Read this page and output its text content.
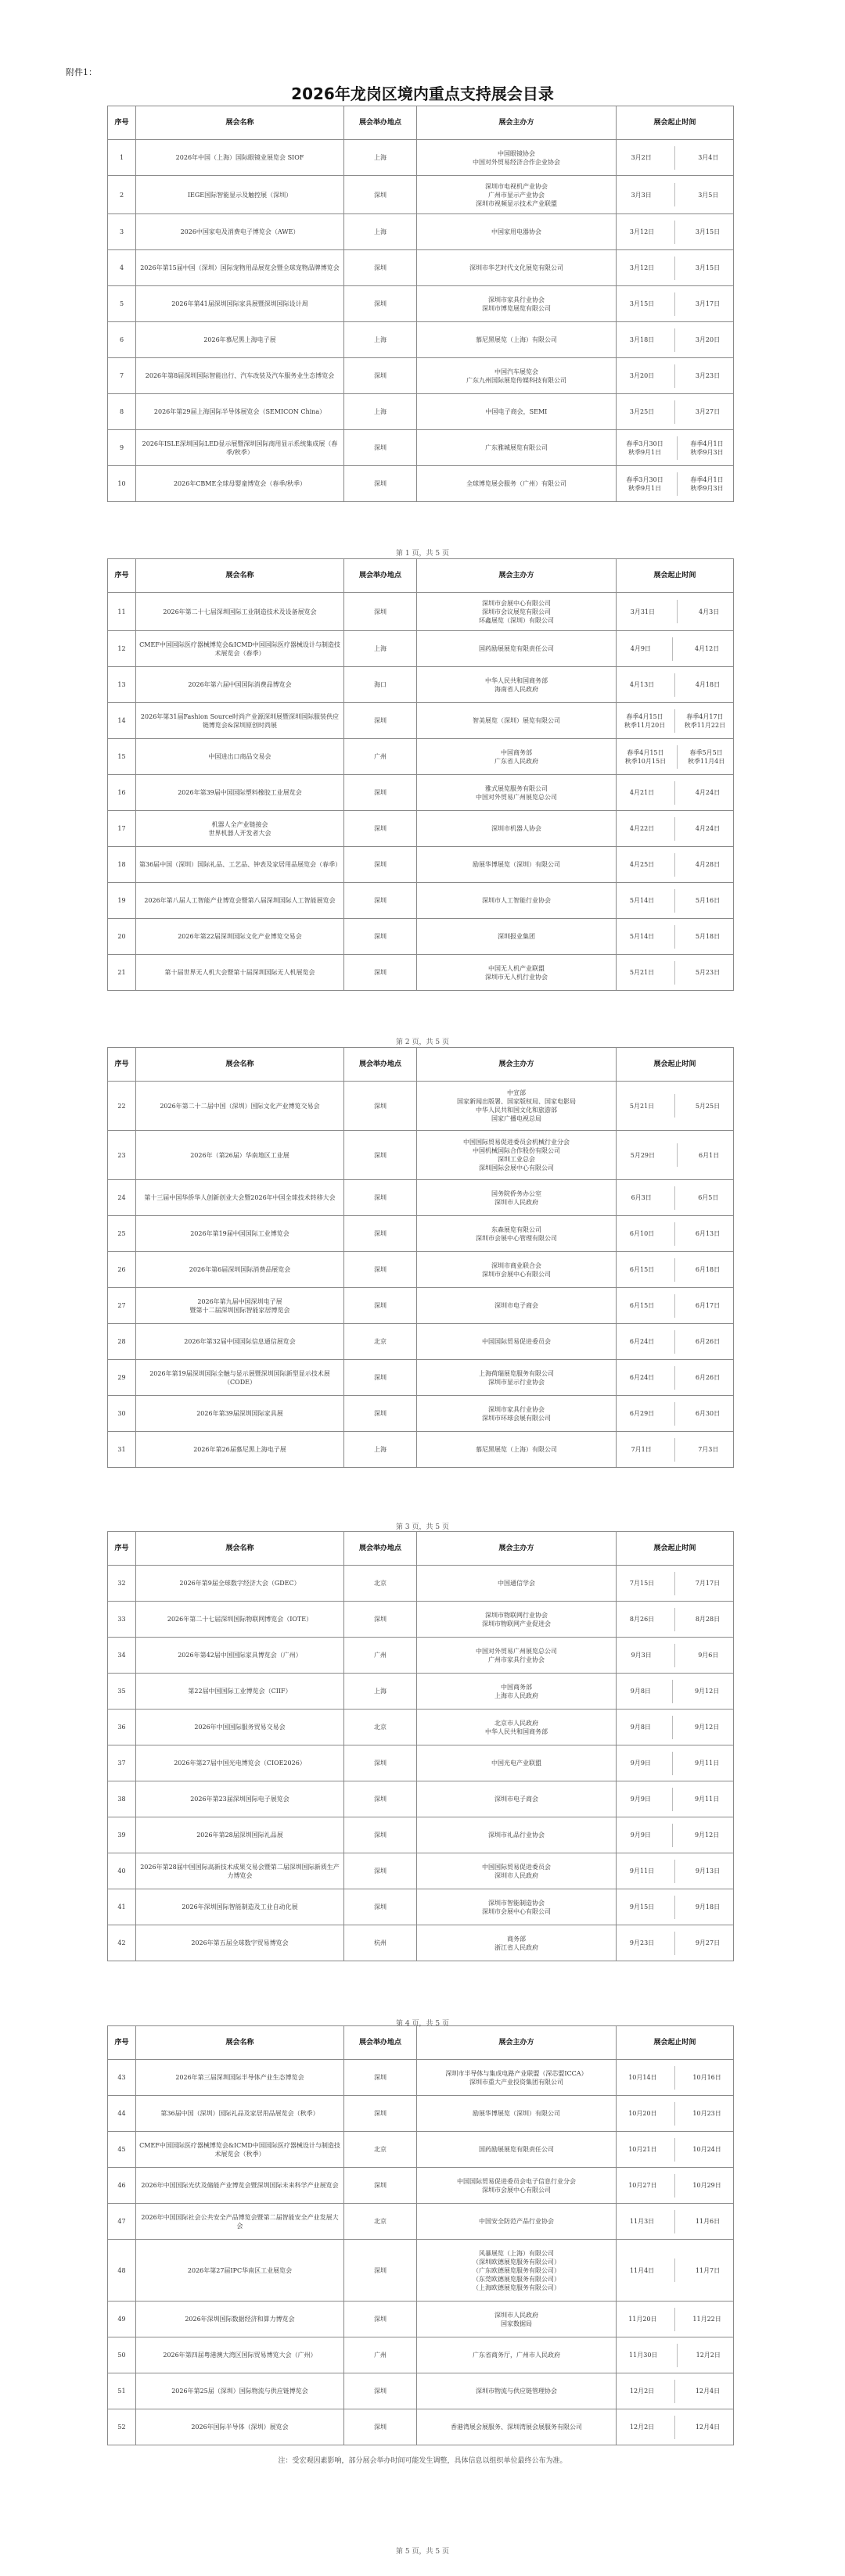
附件1：
2026年龙岗区境内重点支持展会目录
序号	展会名称	展会举办地点	展会主办方	展会起止时间
1	2026年中国（上海）国际眼镜业展览会 SIOF	上海	中国眼镜协会
中国对外贸易经济合作企业协会	3月2日 3月4日

2	IEGE国际智能显示及触控展（深圳）	深圳	深圳市电视机产业协会
广州市显示产业协会
深圳市视频显示技术产业联盟	3月3日 3月5日

3	2026中国家电及消费电子博览会（AWE）	上海	中国家用电器协会	3月12日 3月15日

4	2026年第15届中国（深圳）国际宠物用品展览会暨全球宠物品牌博览会	深圳	深圳市华艺时代文化展览有限公司	3月12日 3月15日

5	2026年第41届深圳国际家具展暨深圳国际设计周	深圳	深圳市家具行业协会
深圳市博览展览有限公司	3月15日 3月17日

6	2026年慕尼黑上海电子展	上海	慕尼黑展览（上海）有限公司	3月18日 3月20日

7	2026年第8届深圳国际智能出行、汽车改装及汽车服务业生态博览会	深圳	中国汽车展览会
广东九州国际展览传媒科技有限公司	3月20日 3月23日

8	2026年第29届上海国际半导体展览会（SEMICON China）	上海	中国电子商会，SEMI	3月25日 3月27日

9	2026年ISLE深圳国际LED显示展暨深圳国际商用显示系统集成展（春季/秋季）	深圳	广东雅城展览有限公司	春季3月30日
秋季9月1日
春季4月1日
秋季9月3日

10	2026年CBME全球母婴童博览会（春季/秋季）	深圳	全球博览展会服务（广州）有限公司	春季3月30日
秋季9月1日
春季4月1日
秋季9月3日
第 1 页，共 5 页
序号	展会名称	展会举办地点	展会主办方	展会起止时间
11	2026年第二十七届深圳国际工业制造技术及设备展览会	深圳	深圳市会展中心有限公司
深圳市会议展览有限公司
环鑫展览（深圳）有限公司	3月31日 4月3日

12	CMEF中国国际医疗器械博览会&ICMD中国国际医疗器械设计与制造技术展览会（春季）	上海	国药励展展览有限责任公司	4月9日 4月12日

13	2026年第六届中国国际消费品博览会	海口	中华人民共和国商务部
海南省人民政府	4月13日 4月18日

14	2026年第31届Fashion Source时尚产业源深圳展暨深圳国际服装供应链博览会&深圳原创时尚展	深圳	智美展览（深圳）展览有限公司	春季4月15日
秋季11月20日
春季4月17日
秋季11月22日

15	中国进出口商品交易会	广州	中国商务部
广东省人民政府	春季4月15日
秋季10月15日
春季5月5日
秋季11月4日

16	2026年第39届中国国际塑料橡胶工业展览会	深圳	雅式展览服务有限公司
中国对外贸易广州展览总公司	4月21日 4月24日

17	机器人全产业链接会
世界机器人开发者大会	深圳	深圳市机器人协会	4月22日 4月24日

18	第36届中国（深圳）国际礼品、工艺品、钟表及家居用品展览会（春季）	深圳	励展华博展览（深圳）有限公司	4月25日 4月28日

19	2026年第八届人工智能产业博览会暨第八届深圳国际人工智能展览会	深圳	深圳市人工智能行业协会	5月14日 5月16日

20	2026年第22届深圳国际文化产业博览交易会	深圳	深圳报业集团	5月14日 5月18日

21	第十届世界无人机大会暨第十届深圳国际无人机展览会	深圳	中国无人机产业联盟
深圳市无人机行业协会	5月21日 5月23日
第 2 页，共 5 页
序号	展会名称	展会举办地点	展会主办方	展会起止时间
22	2026年第二十二届中国（深圳）国际文化产业博览交易会	深圳	中宣部
国家新闻出版署、国家版权局、国家电影局
中华人民共和国文化和旅游部
国家广播电视总局	5月21日 5月25日

23	2026年（第26届）华南地区工业展	深圳	中国国际贸易促进委员会机械行业分会
中国机械国际合作股份有限公司
深圳工业总会
深圳国际会展中心有限公司	5月29日 6月1日

24	第十三届中国华侨华人创新创业大会暨2026年中国全球技术转移大会	深圳	国务院侨务办公室
深圳市人民政府	6月3日 6月5日

25	2026年第19届中国国际工业博览会	深圳	东森展览有限公司
深圳市会展中心管理有限公司	6月10日 6月13日

26	2026年第6届深圳国际消费品展览会	深圳	深圳市商业联合会
深圳市会展中心有限公司	6月15日 6月18日

27	2026年第九届中国深圳电子展
暨第十二届深圳国际智能家居博览会	深圳	深圳市电子商会	6月15日 6月17日

28	2026年第32届中国国际信息通信展览会	北京	中国国际贸易促进委员会	6月24日 6月26日

29	2026年第19届深圳国际全触与显示展暨深圳国际新型显示技术展（CODE）	深圳	上海荷瑞展览服务有限公司
深圳市显示行业协会	6月24日 6月26日

30	2026年第39届深圳国际家具展	深圳	深圳市家具行业协会
深圳市环球会展有限公司	6月29日 6月30日

31	2026年第26届慕尼黑上海电子展	上海	慕尼黑展览（上海）有限公司	7月1日 7月3日
第 3 页，共 5 页
序号	展会名称	展会举办地点	展会主办方	展会起止时间
32	2026年第9届全球数字经济大会（GDEC）	北京	中国通信学会	7月15日 7月17日

33	2026年第二十七届深圳国际物联网博览会（IOTE）	深圳	深圳市物联网行业协会
深圳市物联网产业促进会	8月26日 8月28日

34	2026年第42届中国国际家具博览会（广州）	广州	中国对外贸易广州展览总公司
广州市家具行业协会	9月3日 9月6日

35	第22届中国国际工业博览会（CIIF）	上海	中国商务部
上海市人民政府	9月8日 9月12日

36	2026年中国国际服务贸易交易会	北京	北京市人民政府
中华人民共和国商务部	9月8日 9月12日

37	2026年第27届中国光电博览会（CIOE2026）	深圳	中国光电产业联盟	9月9日 9月11日

38	2026年第23届深圳国际电子展览会	深圳	深圳市电子商会	9月9日 9月11日

39	2026年第28届深圳国际礼品展	深圳	深圳市礼品行业协会	9月9日 9月12日

40	2026年第28届中国国际高新技术成果交易会暨第二届深圳国际新质生产力博览会	深圳	中国国际贸易促进委员会
深圳市人民政府	9月11日 9月13日

41	2026年深圳国际智能制造及工业自动化展	深圳	深圳市智能制造协会
深圳市会展中心有限公司	9月15日 9月18日

42	2026年第五届全球数字贸易博览会	杭州	商务部
浙江省人民政府	9月23日 9月27日
第 4 页，共 5 页
序号	展会名称	展会举办地点	展会主办方	展会起止时间
43	2026年第三届深圳国际半导体产业生态博览会	深圳	深圳市半导体与集成电路产业联盟（深芯盟ICCA）
深圳市重大产业投资集团有限公司	10月14日 10月16日

44	第36届中国（深圳）国际礼品及家居用品展览会（秋季）	深圳	励展华博展览（深圳）有限公司	10月20日 10月23日

45	CMEF中国国际医疗器械博览会&ICMD中国国际医疗器械设计与制造技术展览会（秋季）	北京	国药励展展览有限责任公司	10月21日 10月24日

46	2026年中国国际光伏及储能产业博览会暨深圳国际未来科学产业展览会	深圳	中国国际贸易促进委员会电子信息行业分会
深圳市会展中心有限公司	10月27日 10月29日

47	2026年中国国际社会公共安全产品博览会暨第二届智能安全产业发展大会	北京	中国安全防范产品行业协会	11月3日 11月6日

48	2026年第27届IPC华南区工业展览会	深圳	风暴展览（上海）有限公司
（深圳欧德展览服务有限公司）
（广东欧德展览服务有限公司）
（东莞欧德展览服务有限公司）
（上海欧德展览服务有限公司）	11月4日 11月7日

49	2026年深圳国际数据经济和算力博览会	深圳	深圳市人民政府
国家数据局	11月20日 11月22日

50	2026年第四届粤港澳大湾区国际贸易博览大会（广州）	广州	广东省商务厅，广州市人民政府	11月30日 12月2日

51	2026年第25届（深圳）国际物流与供应链博览会	深圳	深圳市物流与供应链管理协会	12月2日 12月4日

52	2026年国际半导体（深圳）展览会	深圳	香港湾展会展服务、深圳湾展会展服务有限公司	12月2日 12月4日
注：受宏观因素影响，部分展会举办时间可能发生调整，具体信息以组织单位最终公布为准。
第 5 页，共 5 页
